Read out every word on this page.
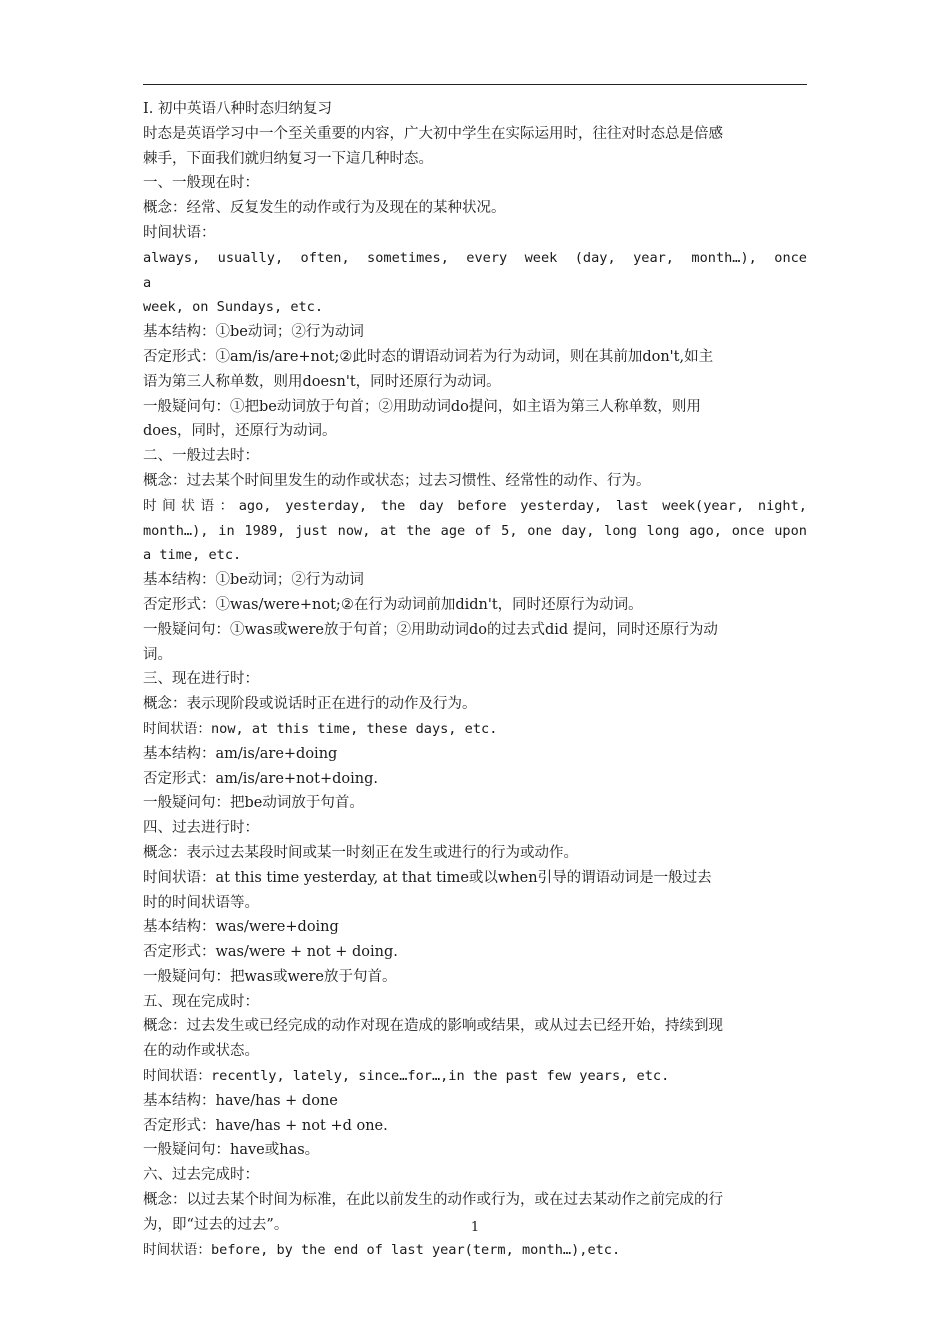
Ⅰ. 初中英语八种时态归纳复习
时态是英语学习中一个至关重要的内容，广大初中学生在实际运用时，往往对时态总是倍感
棘手，下面我们就归纳复习一下這几种时态。
一、一般现在时：
概念：经常、反复发生的动作或行为及现在的某种状况。
时间状语：
always,  usually,  often,  sometimes,  every  week  (day,  year,  month…),  once  a
week, on Sundays, etc.
基本结构：①be动词；②行为动词
否定形式：①am/is/are+not;②此时态的谓语动词若为行为动词，则在其前加don't,如主
语为第三人称单数，则用doesn't，同时还原行为动词。
一般疑问句：①把be动词放于句首；②用助动词do提问，如主语为第三人称单数，则用
does，同时，还原行为动词。
二、一般过去时：
概念：过去某个时间里发生的动作或状态；过去习惯性、经常性的动作、行为。
时间状语：ago, yesterday, the day before yesterday, last week(year, night,
month…), in 1989, just now, at the age of 5, one day, long long ago, once upon
a time, etc.
基本结构：①be动词；②行为动词
否定形式：①was/were+not;②在行为动词前加didn't，同时还原行为动词。
一般疑问句：①was或were放于句首；②用助动词do的过去式did 提问，同时还原行为动
词。
三、现在进行时：
概念：表示现阶段或说话时正在进行的动作及行为。
时间状语：now, at this time, these days, etc.
基本结构：am/is/are+doing
否定形式：am/is/are+not+doing.
一般疑问句：把be动词放于句首。
四、过去进行时：
概念：表示过去某段时间或某一时刻正在发生或进行的行为或动作。
时间状语：at this time yesterday, at that time或以when引导的谓语动词是一般过去
时的时间状语等。
基本结构：was/were+doing
否定形式：was/were + not + doing.
一般疑问句：把was或were放于句首。
五、现在完成时：
概念：过去发生或已经完成的动作对现在造成的影响或结果，或从过去已经开始，持续到现
在的动作或状态。
时间状语：recently, lately, since…for…,in the past few years, etc.
基本结构：have/has + done
否定形式：have/has + not +d one.
一般疑问句：have或has。
六、过去完成时：
概念：以过去某个时间为标准，在此以前发生的动作或行为，或在过去某动作之前完成的行
为，即“过去的过去”。
时间状语：before, by the end of last year(term, month…),etc.
1
